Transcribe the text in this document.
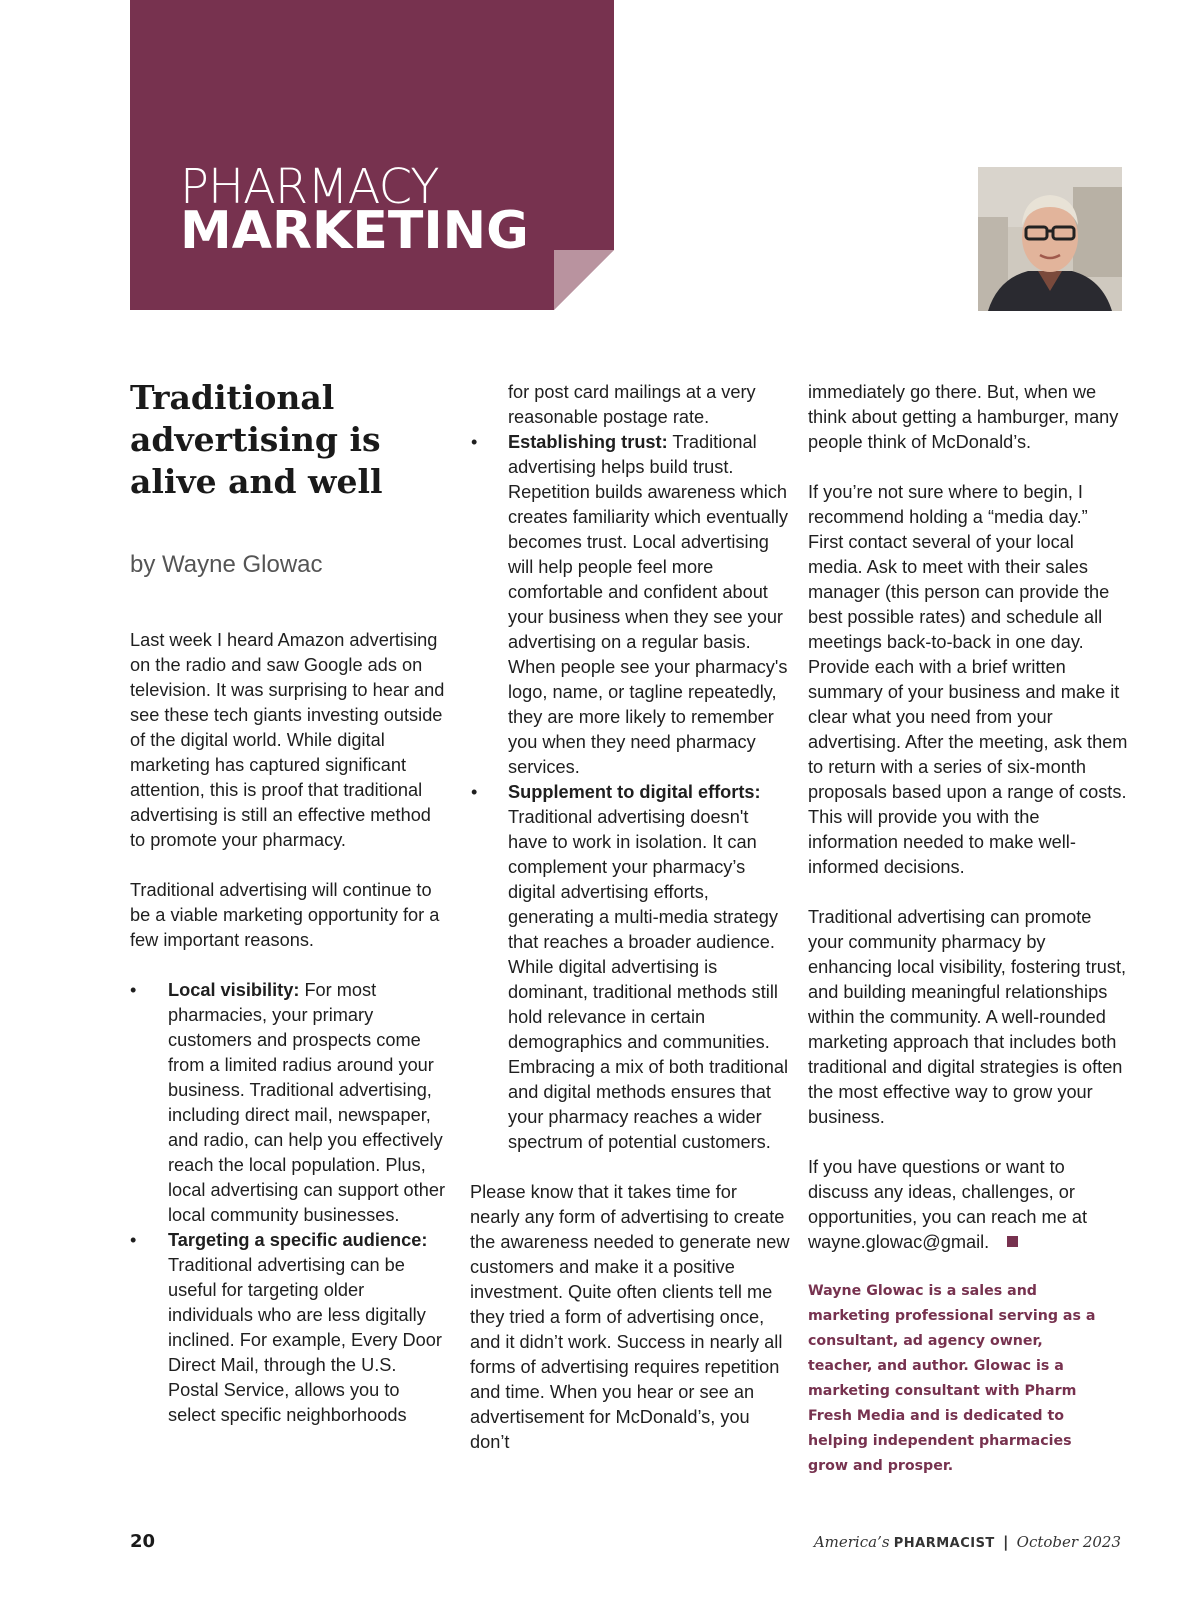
PHARMACY
MARKETING
Traditional advertising is alive and well
by Wayne Glowac

Last week I heard Amazon advertising on the radio and saw Google ads on television. It was surprising to hear and see these tech giants investing outside of the digital world. While digital marketing has captured significant attention, this is proof that traditional advertising is still an effective method to promote your pharmacy.

Traditional advertising will continue to be a viable marketing opportunity for a few important reasons.

• Local visibility: For most pharmacies, your primary customers and prospects come from a limited radius around your business. Traditional advertising, including direct mail, newspaper, and radio, can help you effectively reach the local population. Plus, local advertising can support other local community businesses.
• Targeting a specific audience: Traditional advertising can be useful for targeting older individuals who are less digitally inclined. For example, Every Door Direct Mail, through the U.S. Postal Service, allows you to select specific neighborhoods
for post card mailings at a very reasonable postage rate.
• Establishing trust: Traditional advertising helps build trust. Repetition builds awareness which creates familiarity which eventually becomes trust. Local advertising will help people feel more comfortable and confident about your business when they see your advertising on a regular basis. When people see your pharmacy's logo, name, or tagline repeatedly, they are more likely to remember you when they need pharmacy services.
• Supplement to digital efforts: Traditional advertising doesn't have to work in isolation. It can complement your pharmacy’s digital advertising efforts, generating a multi-media strategy that reaches a broader audience. While digital advertising is dominant, traditional methods still hold relevance in certain demographics and communities. Embracing a mix of both traditional and digital methods ensures that your pharmacy reaches a wider spectrum of potential customers.

Please know that it takes time for nearly any form of advertising to create the awareness needed to generate new customers and make it a positive investment. Quite often clients tell me they tried a form of advertising once, and it didn’t work. Success in nearly all forms of advertising requires repetition and time. When you hear or see an advertisement for McDonald’s, you don’t

immediately go there. But, when we think about getting a hamburger, many people think of McDonald’s.

If you’re not sure where to begin, I recommend holding a “media day.” First contact several of your local media. Ask to meet with their sales manager (this person can provide the best possible rates) and schedule all meetings back-to-back in one day. Provide each with a brief written summary of your business and make it clear what you need from your advertising. After the meeting, ask them to return with a series of six-month proposals based upon a range of costs. This will provide you with the information needed to make well-informed decisions.

Traditional advertising can promote your community pharmacy by enhancing local visibility, fostering trust, and building meaningful relationships within the community. A well-rounded marketing approach that includes both traditional and digital strategies is often the most effective way to grow your business.

If you have questions or want to discuss any ideas, challenges, or opportunities, you can reach me at wayne.glowac@gmail.

Wayne Glowac is a sales and marketing professional serving as a consultant, ad agency owner, teacher, and author. Glowac is a marketing consultant with Pharm Fresh Media and is dedicated to helping independent pharmacies grow and prosper.
20	America’s PHARMACIST | October 2023
